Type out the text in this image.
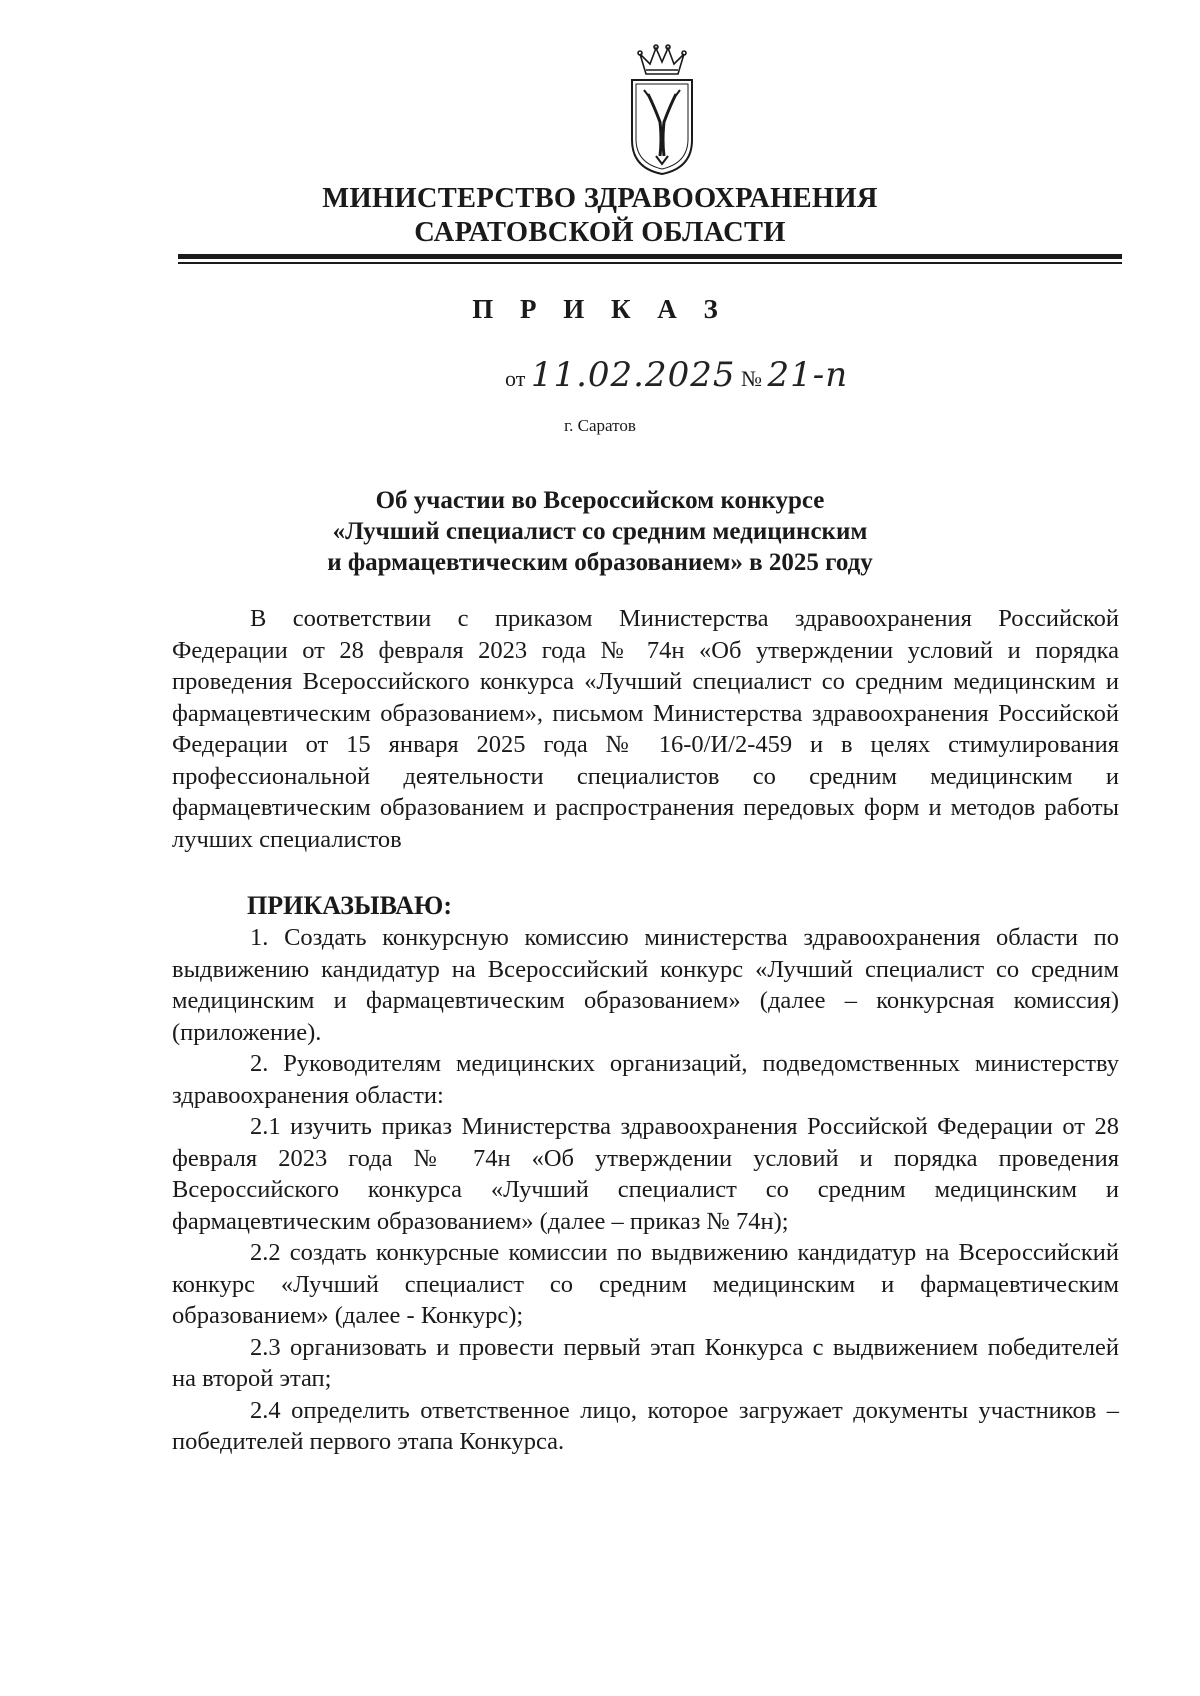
МИНИСТЕРСТВО ЗДРАВООХРАНЕНИЯ
САРАТОВСКОЙ ОБЛАСТИ
П Р И К А З
от 11.02.2025 № 21-п
г. Саратов
Об участии во Всероссийском конкурсе
«Лучший специалист со средним медицинским
и фармацевтическим образованием» в 2025 году

В соответствии с приказом Министерства здравоохранения Российской Федерации от 28 февраля 2023 года № 74н «Об утверждении условий и порядка проведения Всероссийского конкурса «Лучший специалист со средним медицинским и фармацевтическим образованием», письмом Министерства здравоохранения Российской Федерации от 15 января 2025 года № 16-0/И/2-459 и в целях стимулирования профессиональной деятельности специалистов со средним медицинским и фармацевтическим образованием и распространения передовых форм и методов работы лучших специалистов

ПРИКАЗЫВАЮ:

1. Создать конкурсную комиссию министерства здравоохранения области по выдвижению кандидатур на Всероссийский конкурс «Лучший специалист со средним медицинским и фармацевтическим образованием» (далее – конкурсная комиссия) (приложение).

2. Руководителям медицинских организаций, подведомственных министерству здравоохранения области:

2.1 изучить приказ Министерства здравоохранения Российской Федерации от 28 февраля 2023 года № 74н «Об утверждении условий и порядка проведения Всероссийского конкурса «Лучший специалист со средним медицинским и фармацевтическим образованием» (далее – приказ № 74н);

2.2 создать конкурсные комиссии по выдвижению кандидатур на Всероссийский конкурс «Лучший специалист со средним медицинским и фармацевтическим образованием» (далее - Конкурс);

2.3 организовать и провести первый этап Конкурса с выдвижением победителей на второй этап;

2.4 определить ответственное лицо, которое загружает документы участников – победителей первого этапа Конкурса.
